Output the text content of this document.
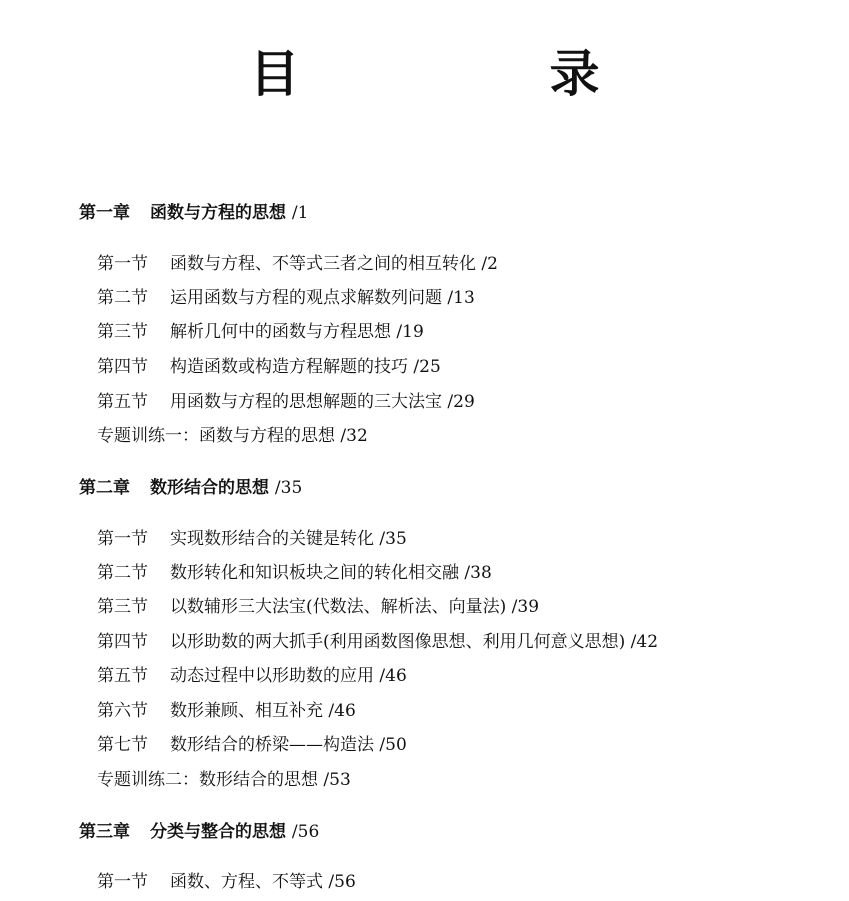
目　录
第一章 函数与方程的思想 /1
第一节 函数与方程、不等式三者之间的相互转化 /2
第二节 运用函数与方程的观点求解数列问题 /13
第三节 解析几何中的函数与方程思想 /19
第四节 构造函数或构造方程解题的技巧 /25
第五节 用函数与方程的思想解题的三大法宝 /29
专题训练一：函数与方程的思想 /32
第二章 数形结合的思想 /35
第一节 实现数形结合的关键是转化 /35
第二节 数形转化和知识板块之间的转化相交融 /38
第三节 以数辅形三大法宝(代数法、解析法、向量法) /39
第四节 以形助数的两大抓手(利用函数图像思想、利用几何意义思想) /42
第五节 动态过程中以形助数的应用 /46
第六节 数形兼顾、相互补充 /46
第七节 数形结合的桥梁——构造法 /50
专题训练二：数形结合的思想 /53
第三章 分类与整合的思想 /56
第一节 函数、方程、不等式 /56
